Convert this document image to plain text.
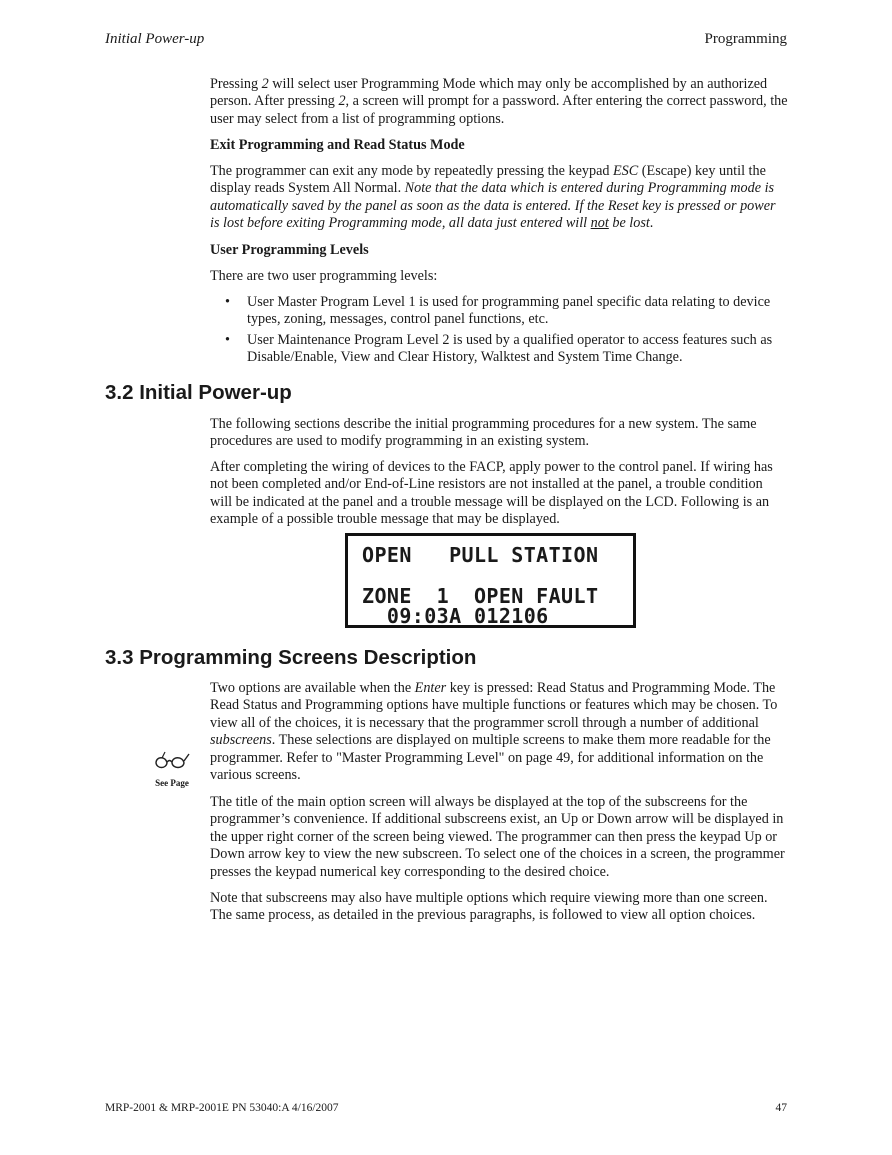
Initial Power-up	Programming

Pressing 2 will select user Programming Mode which may only be accomplished by an authorized person. After pressing 2, a screen will prompt for a password. After entering the correct password, the user may select from a list of programming options.

Exit Programming and Read Status Mode

The programmer can exit any mode by repeatedly pressing the keypad ESC (Escape) key until the display reads System All Normal. Note that the data which is entered during Programming mode is automatically saved by the panel as soon as the data is entered. If the Reset key is pressed or power is lost before exiting Programming mode, all data just entered will not be lost.

User Programming Levels
There are two user programming levels:
•	User Master Program Level 1 is used for programming panel specific data relating to device types, zoning, messages, control panel functions, etc.
•	User Maintenance Program Level 2 is used by a qualified operator to access features such as Disable/Enable, View and Clear History, Walktest and System Time Change.
3.2 Initial Power-up
The following sections describe the initial programming procedures for a new system. The same procedures are used to modify programming in an existing system.
After completing the wiring of devices to the FACP, apply power to the control panel. If wiring has not been completed and/or End-of-Line resistors are not installed at the panel, a trouble condition will be indicated at the panel and a trouble message will be displayed on the LCD. Following is an example of a possible trouble message that may be displayed.
OPEN   PULL STATION
ZONE  1  OPEN FAULT
09:03A 012106
3.3 Programming Screens Description

Two options are available when the Enter key is pressed: Read Status and Programming Mode. The Read Status and Programming options have multiple functions or features which may be chosen. To view all of the choices, it is necessary that the programmer scroll through a number of additional subscreens. These selections are displayed on multiple screens to make them more readable for the programmer. Refer to "Master Programming Level" on page 49, for additional information on the various screens.

See Page
The title of the main option screen will always be displayed at the top of the subscreens for the programmer’s convenience. If additional subscreens exist, an Up or Down arrow will be displayed in the upper right corner of the screen being viewed. The programmer can then press the keypad Up or Down arrow key to view the new subscreen. To select one of the choices in a screen, the programmer presses the keypad numerical key corresponding to the desired choice.
Note that subscreens may also have multiple options which require viewing more than one screen. The same process, as detailed in the previous paragraphs, is followed to view all option choices.
MRP-2001 & MRP-2001E PN 53040:A 4/16/2007	47
